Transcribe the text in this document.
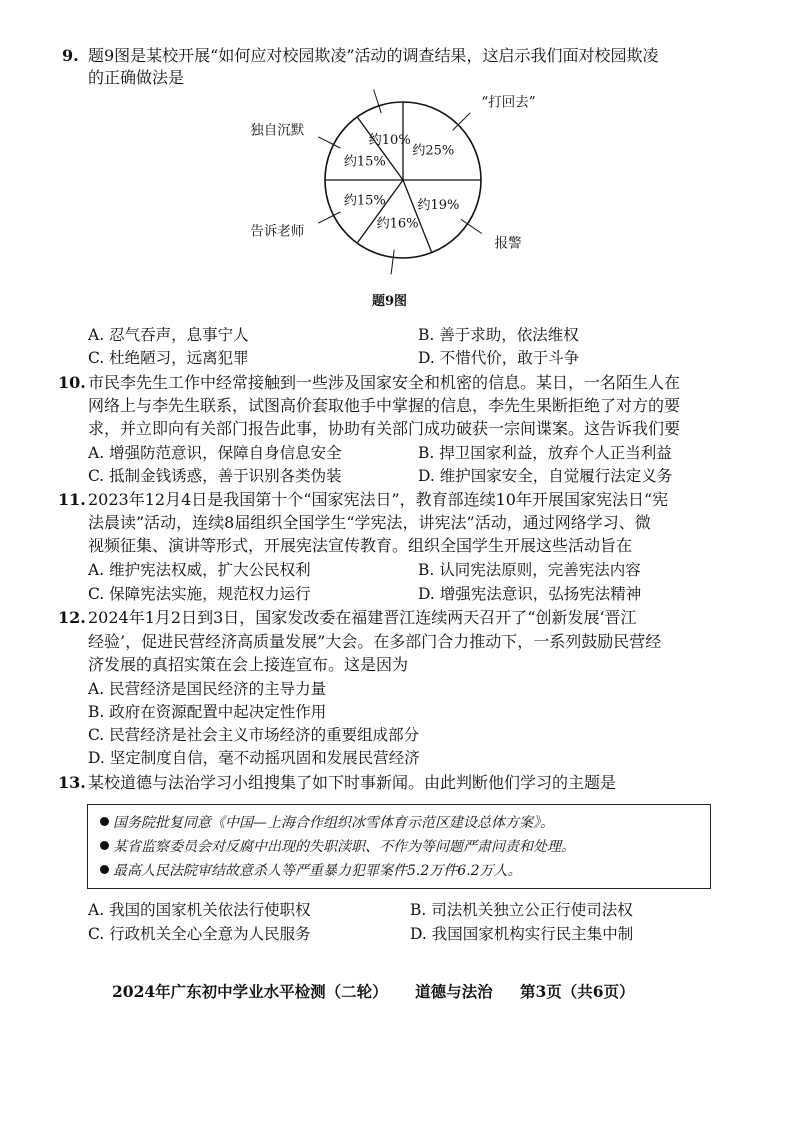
9. 题9图是某校开展“如何应对校园欺凌”活动的调查结果，这启示我们面对校园欺凌
的正确做法是
约25%
“打回去”
约19%
报警
约16%
约15%
告诉老师
约15%
独自沉默
约10%
题9图
A. 忍气吞声，息事宁人	B. 善于求助，依法维权
C. 杜绝陋习，远离犯罪	D. 不惜代价，敢于斗争
10. 市民李先生工作中经常接触到一些涉及国家安全和机密的信息。某日，一名陌生人在
网络上与李先生联系，试图高价套取他手中掌握的信息，李先生果断拒绝了对方的要
求，并立即向有关部门报告此事，协助有关部门成功破获一宗间谍案。这告诉我们要
A. 增强防范意识，保障自身信息安全	B. 捍卫国家利益，放弃个人正当利益
C. 抵制金钱诱惑，善于识别各类伪装	D. 维护国家安全，自觉履行法定义务
11. 2023年12月4日是我国第十个“国家宪法日”，教育部连续10年开展国家宪法日“宪
法晨读”活动，连续8届组织全国学生“学宪法，讲宪法”活动，通过网络学习、微
视频征集、演讲等形式，开展宪法宣传教育。组织全国学生开展这些活动旨在
A. 维护宪法权威，扩大公民权利	B. 认同宪法原则，完善宪法内容
C. 保障宪法实施，规范权力运行	D. 增强宪法意识，弘扬宪法精神
12. 2024年1月2日到3日，国家发改委在福建晋江连续两天召开了“创新发展‘晋江
经验’，促进民营经济高质量发展”大会。在多部门合力推动下，一系列鼓励民营经
济发展的真招实策在会上接连宣布。这是因为
A. 民营经济是国民经济的主导力量
B. 政府在资源配置中起决定性作用
C. 民营经济是社会主义市场经济的重要组成部分
D. 坚定制度自信，毫不动摇巩固和发展民营经济
13. 某校道德与法治学习小组搜集了如下时事新闻。由此判断他们学习的主题是
国务院批复同意《中国—上海合作组织冰雪体育示范区建设总体方案》。
某省监察委员会对反腐中出现的失职渎职、不作为等问题严肃问责和处理。
最高人民法院审结故意杀人等严重暴力犯罪案件5.2万件6.2万人。
A. 我国的国家机关依法行使职权	B. 司法机关独立公正行使司法权
C. 行政机关全心全意为人民服务	D. 我国国家机构实行民主集中制
2024年广东初中学业水平检测（二轮） 道德与法治 第3页（共6页）
